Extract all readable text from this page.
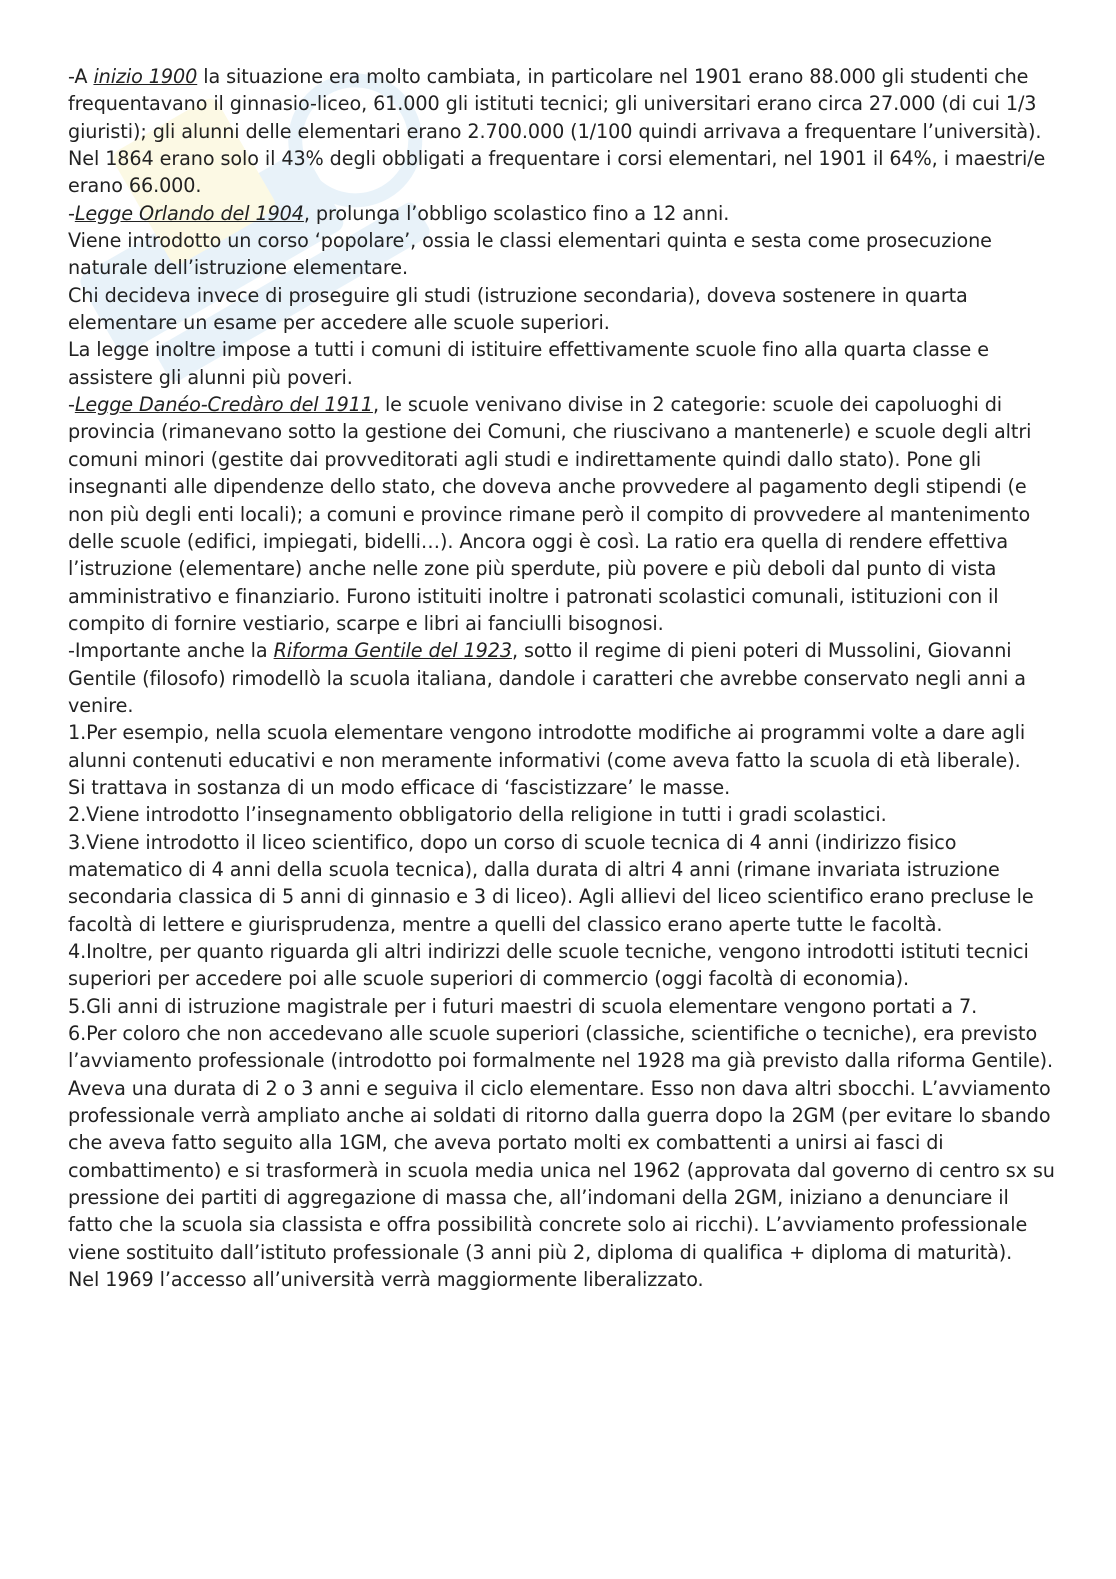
-A inizio 1900 la situazione era molto cambiata, in particolare nel 1901 erano 88.000 gli studenti che frequentavano il ginnasio-liceo, 61.000 gli istituti tecnici; gli universitari erano circa 27.000 (di cui 1/3 giuristi); gli alunni delle elementari erano 2.700.000 (1/100 quindi arrivava a frequentare l’università).

Nel 1864 erano solo il 43% degli obbligati a frequentare i corsi elementari, nel 1901 il 64%, i maestri/e erano 66.000.

-Legge Orlando del 1904, prolunga l’obbligo scolastico fino a 12 anni.

Viene introdotto un corso ‘popolare’, ossia le classi elementari quinta e sesta come prosecuzione naturale dell’istruzione elementare.

Chi decideva invece di proseguire gli studi (istruzione secondaria), doveva sostenere in quarta elementare un esame per accedere alle scuole superiori.

La legge inoltre impose a tutti i comuni di istituire effettivamente scuole fino alla quarta classe e assistere gli alunni più poveri.

-Legge Danéo-Credàro del 1911, le scuole venivano divise in 2 categorie: scuole dei capoluoghi di provincia (rimanevano sotto la gestione dei Comuni, che riuscivano a mantenerle) e scuole degli altri comuni minori (gestite dai provveditorati agli studi e indirettamente quindi dallo stato). Pone gli insegnanti alle dipendenze dello stato, che doveva anche provvedere al pagamento degli stipendi (e non più degli enti locali); a comuni e province rimane però il compito di provvedere al mantenimento delle scuole (edifici, impiegati, bidelli…). Ancora oggi è così. La ratio era quella di rendere effettiva l’istruzione (elementare) anche nelle zone più sperdute, più povere e più deboli dal punto di vista amministrativo e finanziario. Furono istituiti inoltre i patronati scolastici comunali, istituzioni con il compito di fornire vestiario, scarpe e libri ai fanciulli bisognosi.

-Importante anche la Riforma Gentile del 1923, sotto il regime di pieni poteri di Mussolini, Giovanni Gentile (filosofo) rimodellò la scuola italiana, dandole i caratteri che avrebbe conservato negli anni a venire.

1.Per esempio, nella scuola elementare vengono introdotte modifiche ai programmi volte a dare agli alunni contenuti educativi e non meramente informativi (come aveva fatto la scuola di età liberale).

Si trattava in sostanza di un modo efficace di ‘fascistizzare’ le masse.

2.Viene introdotto l’insegnamento obbligatorio della religione in tutti i gradi scolastici.

3.Viene introdotto il liceo scientifico, dopo un corso di scuole tecnica di 4 anni (indirizzo fisico matematico di 4 anni della scuola tecnica), dalla durata di altri 4 anni (rimane invariata istruzione secondaria classica di 5 anni di ginnasio e 3 di liceo). Agli allievi del liceo scientifico erano precluse le facoltà di lettere e giurisprudenza, mentre a quelli del classico erano aperte tutte le facoltà.

4.Inoltre, per quanto riguarda gli altri indirizzi delle scuole tecniche, vengono introdotti istituti tecnici superiori per accedere poi alle scuole superiori di commercio (oggi facoltà di economia).

5.Gli anni di istruzione magistrale per i futuri maestri di scuola elementare vengono portati a 7.

6.Per coloro che non accedevano alle scuole superiori (classiche, scientifiche o tecniche), era previsto l’avviamento professionale (introdotto poi formalmente nel 1928 ma già previsto dalla riforma Gentile). Aveva una durata di 2 o 3 anni e seguiva il ciclo elementare. Esso non dava altri sbocchi. L’avviamento professionale verrà ampliato anche ai soldati di ritorno dalla guerra dopo la 2GM (per evitare lo sbando che aveva fatto seguito alla 1GM, che aveva portato molti ex combattenti a unirsi ai fasci di combattimento) e si trasformerà in scuola media unica nel 1962 (approvata dal governo di centro sx su pressione dei partiti di aggregazione di massa che, all’indomani della 2GM, iniziano a denunciare il fatto che la scuola sia classista e offra possibilità concrete solo ai ricchi). L’avviamento professionale viene sostituito dall’istituto professionale (3 anni più 2, diploma di qualifica + diploma di maturità).

Nel 1969 l’accesso all’università verrà maggiormente liberalizzato.
